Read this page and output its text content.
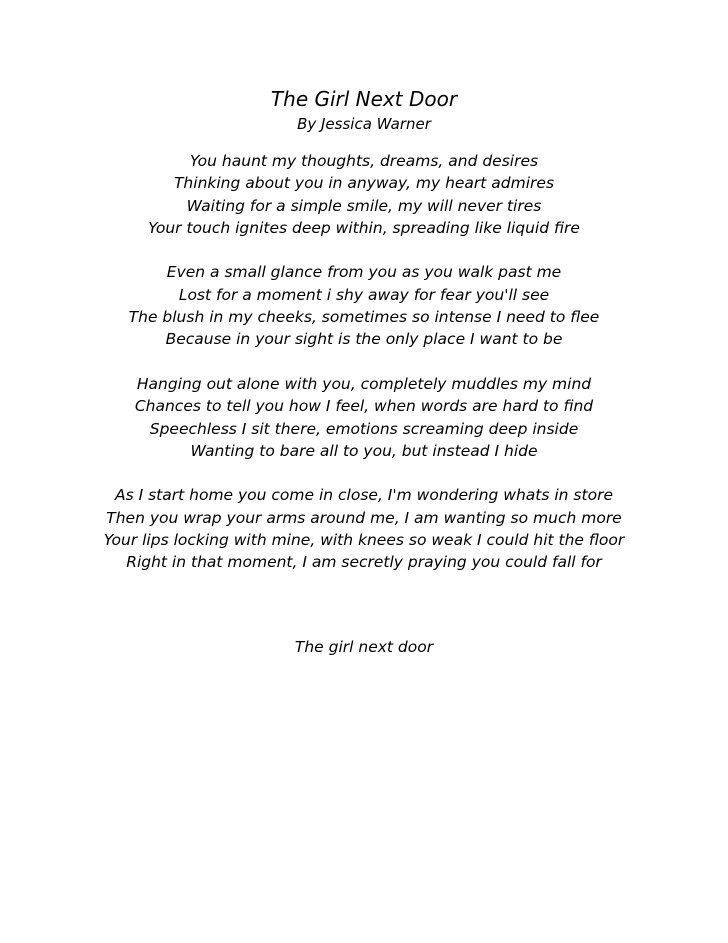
The Girl Next Door
By Jessica Warner
You haunt my thoughts, dreams, and desires
Thinking about you in anyway, my heart admires
Waiting for a simple smile, my will never tires
Your touch ignites deep within, spreading like liquid fire
Even a small glance from you as you walk past me
Lost for a moment i shy away for fear you'll see
The blush in my cheeks, sometimes so intense I need to flee
Because in your sight is the only place I want to be
Hanging out alone with you, completely muddles my mind
Chances to tell you how I feel, when words are hard to find
Speechless I sit there, emotions screaming deep inside
Wanting to bare all to you, but instead I hide
As I start home you come in close, I'm wondering whats in store
Then you wrap your arms around me, I am wanting so much more
Your lips locking with mine, with knees so weak I could hit the floor
Right in that moment, I am secretly praying you could fall for
The girl next door
